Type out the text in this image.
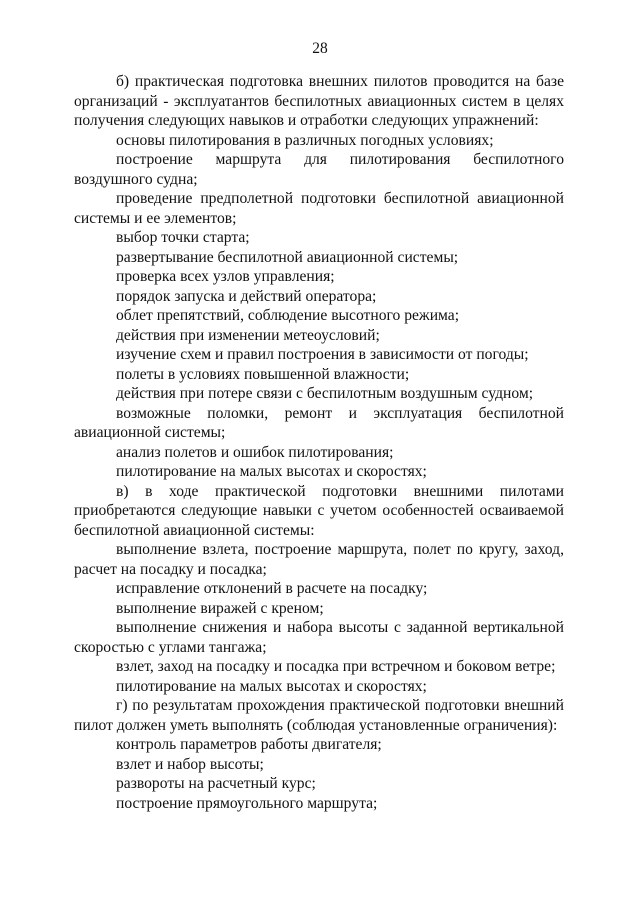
28

б) практическая подготовка внешних пилотов проводится на базе организаций - эксплуатантов беспилотных авиационных систем в целях получения следующих навыков и отработки следующих упражнений:

основы пилотирования в различных погодных условиях;

построение маршрута для пилотирования беспилотного воздушного судна;

проведение предполетной подготовки беспилотной авиационной системы и ее элементов;

выбор точки старта;

развертывание беспилотной авиационной системы;

проверка всех узлов управления;

порядок запуска и действий оператора;

облет препятствий, соблюдение высотного режима;

действия при изменении метеоусловий;

изучение схем и правил построения в зависимости от погоды;

полеты в условиях повышенной влажности;

действия при потере связи с беспилотным воздушным судном;

возможные поломки, ремонт и эксплуатация беспилотной авиационной системы;

анализ полетов и ошибок пилотирования;

пилотирование на малых высотах и скоростях;

в) в ходе практической подготовки внешними пилотами приобретаются следующие навыки с учетом особенностей осваиваемой беспилотной авиационной системы:

выполнение взлета, построение маршрута, полет по кругу, заход, расчет на посадку и посадка;

исправление отклонений в расчете на посадку;

выполнение виражей с креном;

выполнение снижения и набора высоты с заданной вертикальной скоростью с углами тангажа;

взлет, заход на посадку и посадка при встречном и боковом ветре;

пилотирование на малых высотах и скоростях;

г) по результатам прохождения практической подготовки внешний пилот должен уметь выполнять (соблюдая установленные ограничения):

контроль параметров работы двигателя;

взлет и набор высоты;

развороты на расчетный курс;

построение прямоугольного маршрута;
